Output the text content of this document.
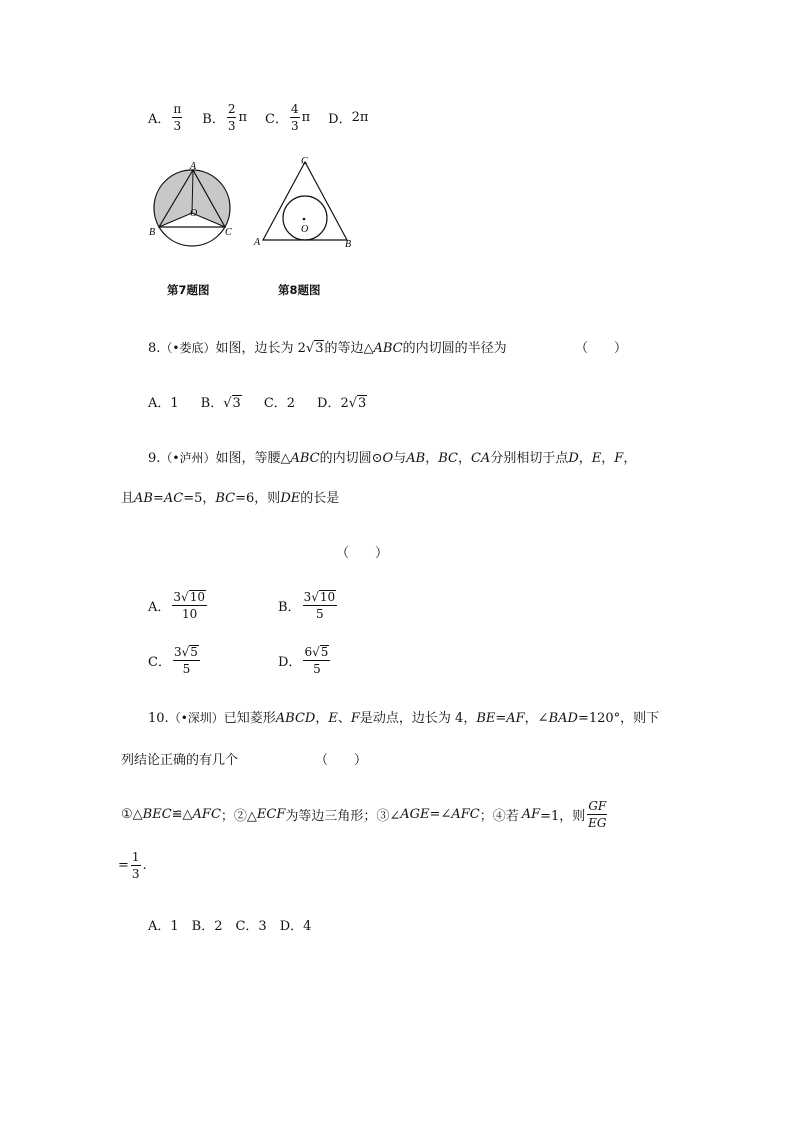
A． $\frac{\pi}{3}$ B． $\frac{2}{3}$ π C． $\frac{4}{3}$ π D． 2π
A
O
B	C
C
O
A	B
第7题图	第8题图
8.（•娄底）如图，边长为 2√3的等边△ABC的内切圆的半径为	（　　）
A．1 B．√3 C．2 D．2√3
9.（•泸州）如图，等腰△ABC的内切圆⊙O与AB，BC，CA分别相切于点D，E，F，
且AB=AC=5，BC=6，则DE的长是
（　　）
A． $\frac{3√10}{10}$	B． $\frac{3√10}{5}$
C． $\frac{3√5}{5}$	D． $\frac{6√5}{5}$
10.（•深圳）已知菱形ABCD，E、F是动点，边长为 4，BE=AF，∠BAD=120°，则下
列结论正确的有几个	（　　）
①△ BEC ≌△ AFC ；②△ ECF 为等边三角形；③∠ AGE =∠ AFC ；④若 AF =1，则 $\frac{GF}{EG}$
= $\frac{1}{3}$ .
A．1　B．2　C．3　D．4
